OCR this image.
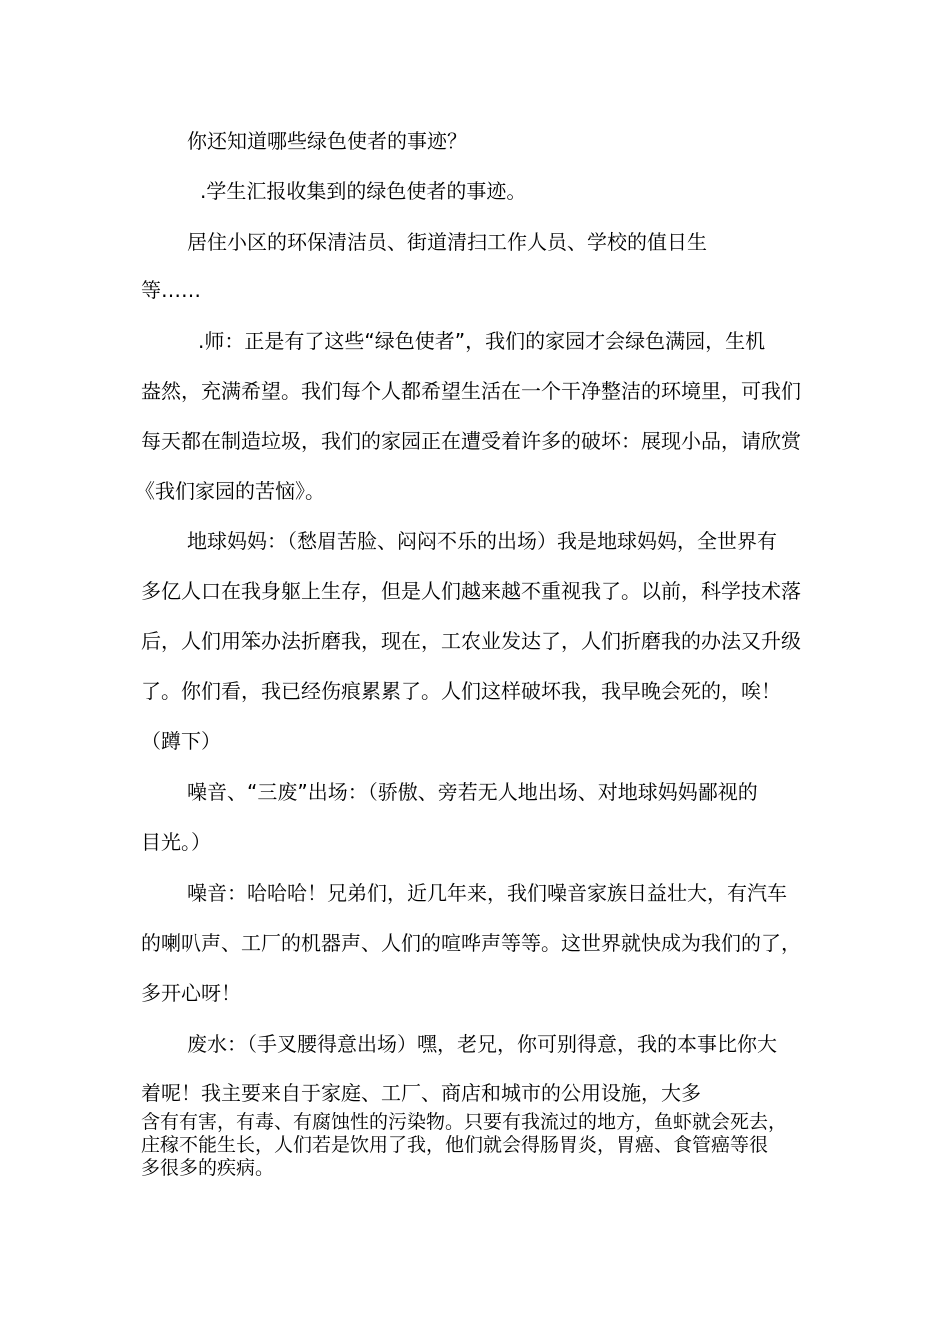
你还知道哪些绿色使者的事迹？
.学生汇报收集到的绿色使者的事迹。
居住小区的环保清洁员、街道清扫工作人员、学校的值日生
等……
.师：正是有了这些“绿色使者”，我们的家园才会绿色满园，生机
盎然，充满希望。我们每个人都希望生活在一个干净整洁的环境里，可我们
每天都在制造垃圾，我们的家园正在遭受着许多的破坏：展现小品，请欣赏
《我们家园的苦恼》。
地球妈妈：（愁眉苦脸、闷闷不乐的出场）我是地球妈妈，全世界有
多亿人口在我身躯上生存，但是人们越来越不重视我了。以前，科学技术落
后，人们用笨办法折磨我，现在，工农业发达了，人们折磨我的办法又升级
了。你们看，我已经伤痕累累了。人们这样破坏我，我早晚会死的，唉！
（蹲下）
噪音、“三废”出场：（骄傲、旁若无人地出场、对地球妈妈鄙视的
目光。）
噪音：哈哈哈！兄弟们，近几年来，我们噪音家族日益壮大，有汽车
的喇叭声、工厂的机器声、人们的喧哗声等等。这世界就快成为我们的了，
多开心呀！
废水：（手叉腰得意出场）嘿，老兄，你可别得意，我的本事比你大
着呢！我主要来自于家庭、工厂、商店和城市的公用设施，大多
含有有害，有毒、有腐蚀性的污染物。只要有我流过的地方，鱼虾就会死去，
庄稼不能生长，人们若是饮用了我，他们就会得肠胃炎，胃癌、食管癌等很
多很多的疾病。
